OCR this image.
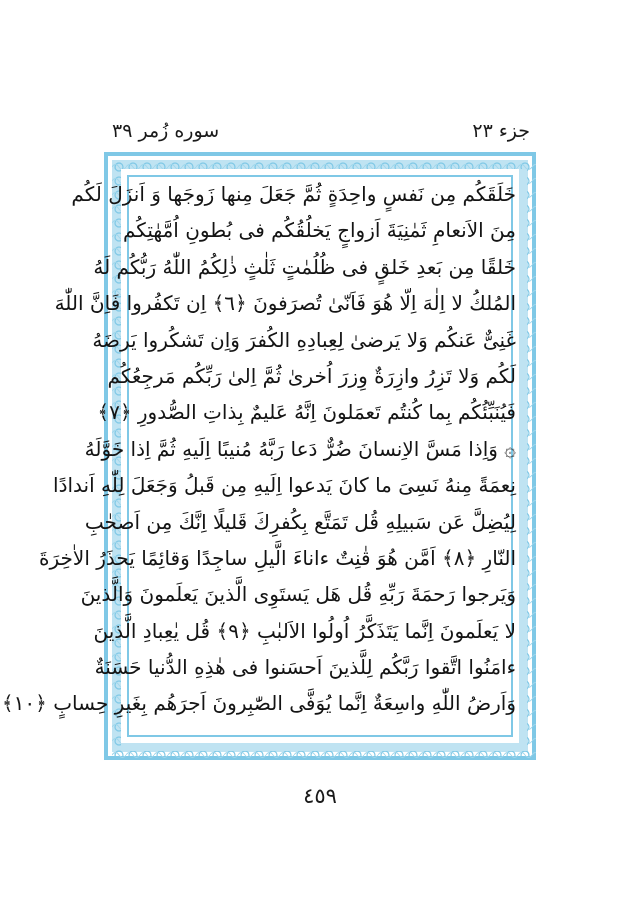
جزء ٢٣
سوره زُمر ٣٩
خَلَقَكُم مِن نَفسٍ واحِدَةٍ ثُمَّ جَعَلَ مِنها زَوجَها وَ اَنزَلَ لَكُم
مِنَ الاَنعامِ ثَمٰنِيَةَ اَزواجٍ يَخلُقُكُم فى بُطونِ اُمَّهٰتِكُم
خَلقًا مِن بَعدِ خَلقٍ فى ظُلُمٰتٍ ثَلٰثٍ ذٰلِكُمُ اللّٰهُ رَبُّكُم لَهُ
المُلكُ لا اِلٰهَ اِلّا هُوَ فَاَنّىٰ تُصرَفونَ ﴿٦﴾ اِن تَكفُروا فَاِنَّ اللّٰهَ
غَنِىٌّ عَنكُم وَلا يَرضىٰ لِعِبادِهِ الكُفرَ وَاِن تَشكُروا يَرضَهُ
لَكُم وَلا تَزِرُ وازِرَةٌ وِزرَ اُخرىٰ ثُمَّ اِلىٰ رَبِّكُم مَرجِعُكُم
فَيُنَبِّئُكُم بِما كُنتُم تَعمَلونَ اِنَّهُ عَليمٌ بِذاتِ الصُّدورِ ﴿٧﴾
۞ وَاِذا مَسَّ الاِنسانَ ضُرٌّ دَعا رَبَّهُ مُنيبًا اِلَيهِ ثُمَّ اِذا خَوَّلَهُ
نِعمَةً مِنهُ نَسِىَ ما كانَ يَدعوا اِلَيهِ مِن قَبلُ وَجَعَلَ لِلّٰهِ اَندادًا
لِيُضِلَّ عَن سَبيلِهِ قُل تَمَتَّع بِكُفرِكَ قَليلًا اِنَّكَ مِن اَصحٰبِ
النّارِ ﴿٨﴾ اَمَّن هُوَ قٰنِتٌ ءاناءَ الَّيلِ ساجِدًا وَقائِمًا يَحذَرُ الاٰخِرَةَ
وَيَرجوا رَحمَةَ رَبِّهِ قُل هَل يَستَوِى الَّذينَ يَعلَمونَ وَالَّذينَ
لا يَعلَمونَ اِنَّما يَتَذَكَّرُ اُولُوا الاَلبٰبِ ﴿٩﴾ قُل يٰعِبادِ الَّذينَ
ءامَنُوا اتَّقوا رَبَّكُم لِلَّذينَ اَحسَنوا فى هٰذِهِ الدُّنيا حَسَنَةٌ
وَاَرضُ اللّٰهِ واسِعَةٌ اِنَّما يُوَفَّى الصّٰبِرونَ اَجرَهُم بِغَيرِ حِسابٍ ﴿١٠﴾
٤٥٩
